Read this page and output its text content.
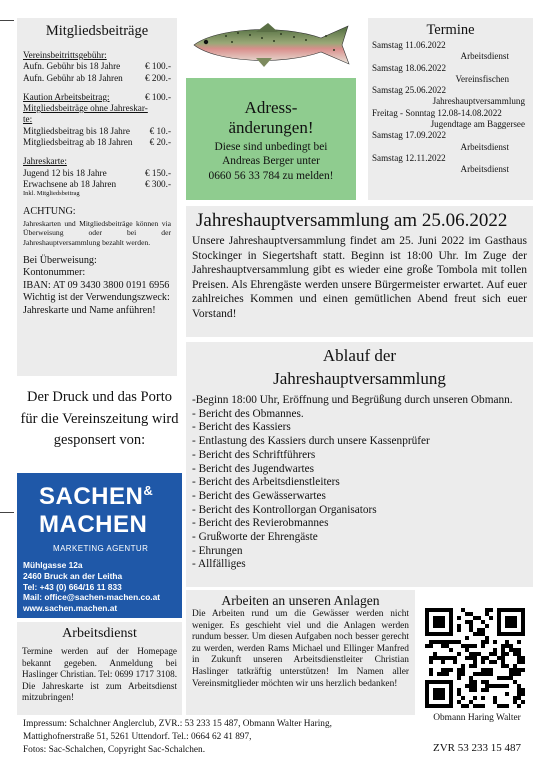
Mitgliedsbeiträge
Vereinsbeitrittsgebühr:
Aufn. Gebühr bis 18 Jahre	€ 100.-
Aufn. Gebühr ab 18 Jahren € 200.-
Kaution Arbeitsbeitrag:	€ 100.-
Mitgliedsbeiträge ohne Jahreskar-
te:
Mitgliedsbeitrag bis 18 Jahre € 10.-
Mitgliedsbeitrag ab 18 Jahren € 20.-
Jahreskarte:
Jugend 12 bis 18 Jahre	€ 150.-
Erwachsene ab 18 Jahren	€ 300.-
Inkl. Mitgliedsbeitrag
ACHTUNG:
Jahreskarten und Mitgliedsbeiträge können via Überweisung oder bei der Jahreshauptversammlung bezahlt werden.
Bei Überweisung:
Kontonummer:
IBAN: AT 09 3430 3800 0191 6956
Wichtig ist der Verwendungszweck: Jahreskarte und Name anführen!
Der Druck und das Porto für die Vereinszeitung wird gesponsert von:
SACHEN&
MACHEN
MARKETING AGENTUR
Mühlgasse 12a
2460 Bruck an der Leitha
Tel: +43 (0) 664/16 11 833
Mail: office@sachen-machen.co.at
www.sachen.machen.at
Arbeitsdienst
Termine werden auf der Homepage bekannt gegeben. Anmeldung bei Haslinger Christian. Tel: 0699 1717 3108. Die Jahreskarte ist zum Arbeitsdienst mitzubringen!
Adress-
änderungen!
Diese sind unbedingt bei
Andreas Berger unter
0660 56 33 784 zu melden!
Termine
Samstag 11.06.2022
Arbeitsdienst
Samstag 18.06.2022
Vereinsfischen
Samstag 25.06.2022
Jahreshauptversammlung
Freitag - Sonntag 12.08-14.08.2022
Jugendtage am Baggersee
Samstag 17.09.2022
Arbeitsdienst
Samstag 12.11.2022
Arbeitsdienst
Jahreshauptversammlung am 25.06.2022
Unsere Jahreshauptversammlung findet am 25. Juni 2022 im Gasthaus Stockinger in Siegertshaft statt. Beginn ist 18:00 Uhr. Im Zuge der Jahreshauptversammlung gibt es wieder eine große Tombola mit tollen Preisen. Als Ehrengäste werden unsere Bürgermeister erwartet. Auf euer zahlreiches Kommen und einen gemütlichen Abend freut sich euer Vorstand!
Ablauf der
Jahreshauptversammlung
-Beginn 18:00 Uhr, Eröffnung und Begrüßung durch unseren Obmann.
- Bericht des Obmannes.
- Bericht des Kassiers
- Entlastung des Kassiers durch unsere Kassenprüfer
- Bericht des Schriftführers
- Bericht des Jugendwartes
- Bericht des Arbeitsdienstleiters
- Bericht des Gewässerwartes
- Bericht des Kontrollorgan Organisators
- Bericht des Revierobmannes
- Grußworte der Ehrengäste
- Ehrungen
- Allfälliges
Arbeiten an unseren Anlagen
Die Arbeiten rund um die Gewässer werden nicht weniger. Es geschieht viel und die Anlagen werden rundum besser. Um diesen Aufgaben noch besser gerecht zu werden, werden Rams Michael und Ellinger Manfred in Zukunft unseren Arbeitsdienstleiter Christian Haslinger tatkräftig unterstützen! Im Namen aller Vereinsmitglieder möchten wir uns herzlich bedanken!
Obmann Haring Walter
ZVR 53 233 15 487
Impressum: Schalchner Anglerclub, ZVR.: 53 233 15 487, Obmann Walter Haring,
Mattighofnerstraße 51, 5261 Uttendorf. Tel.: 0664 62 41 897,
Fotos: Sac-Schalchen, Copyright Sac-Schalchen.
